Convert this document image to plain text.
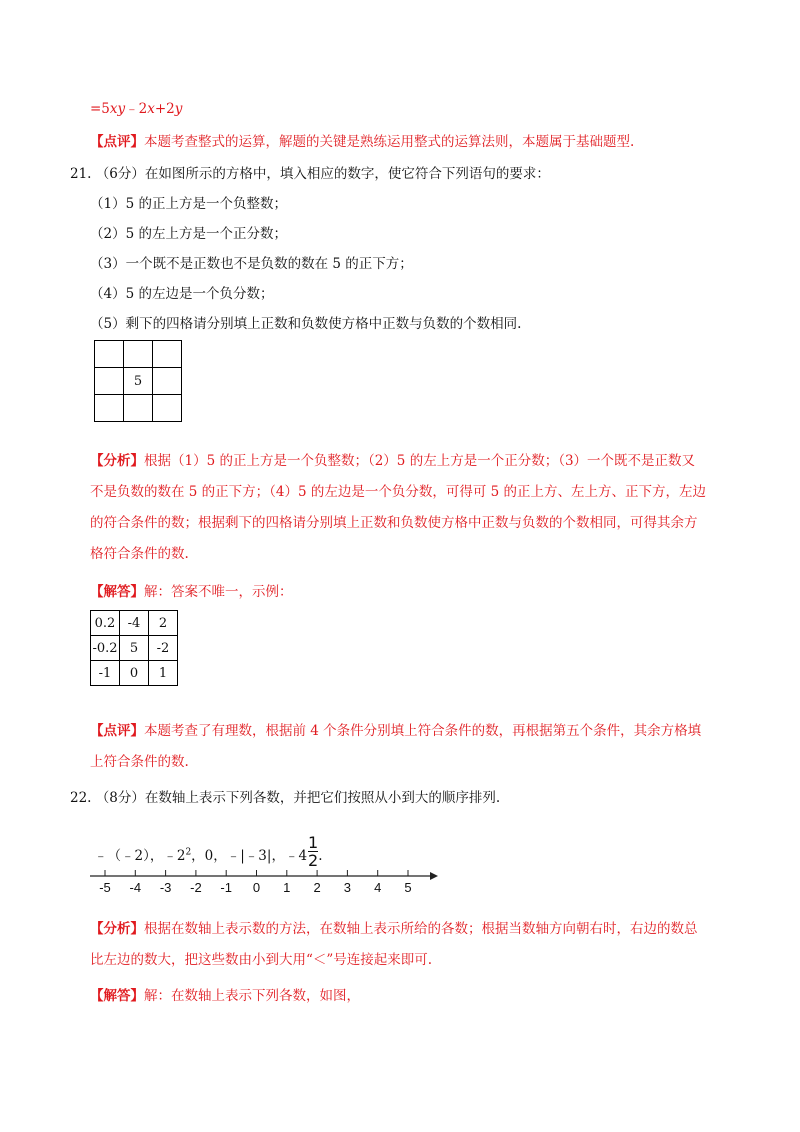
=5xy﹣2x+2y
【点评】本题考查整式的运算，解题的关键是熟练运用整式的运算法则，本题属于基础题型.
21. （6分）在如图所示的方格中，填入相应的数字，使它符合下列语句的要求：
（1）5 的正上方是一个负整数；
（2）5 的左上方是一个正分数；
（3）一个既不是正数也不是负数的数在 5 的正下方；
（4）5 的左边是一个负分数；
（5）剩下的四格请分别填上正数和负数使方格中正数与负数的个数相同.

	5	

【分析】根据（1）5 的正上方是一个负整数；（2）5 的左上方是一个正分数；（3）一个既不是正数又
不是负数的数在 5 的正下方；（4）5 的左边是一个负分数，可得可 5 的正上方、左上方、正下方，左边
的符合条件的数；根据剩下的四格请分别填上正数和负数使方格中正数与负数的个数相同，可得其余方
格符合条件的数.
【解答】解：答案不唯一，示例：
0.2	-4	2
-0.2	5	-2
-1	0	1
【点评】本题考查了有理数，根据前 4 个条件分别填上符合条件的数，再根据第五个条件，其余方格填
上符合条件的数.
22. （8分）在数轴上表示下列各数，并把它们按照从小到大的顺序排列.
﹣（﹣2），$﹣2^2$，0，﹣|﹣3|，﹣4 $\frac{1}{2}$ .
-5 -4 -3 -2 -1 0 1 2 3 4 5
【分析】根据在数轴上表示数的方法，在数轴上表示所给的各数；根据当数轴方向朝右时，右边的数总
比左边的数大，把这些数由小到大用“＜”号连接起来即可.
【解答】解：在数轴上表示下列各数，如图，
